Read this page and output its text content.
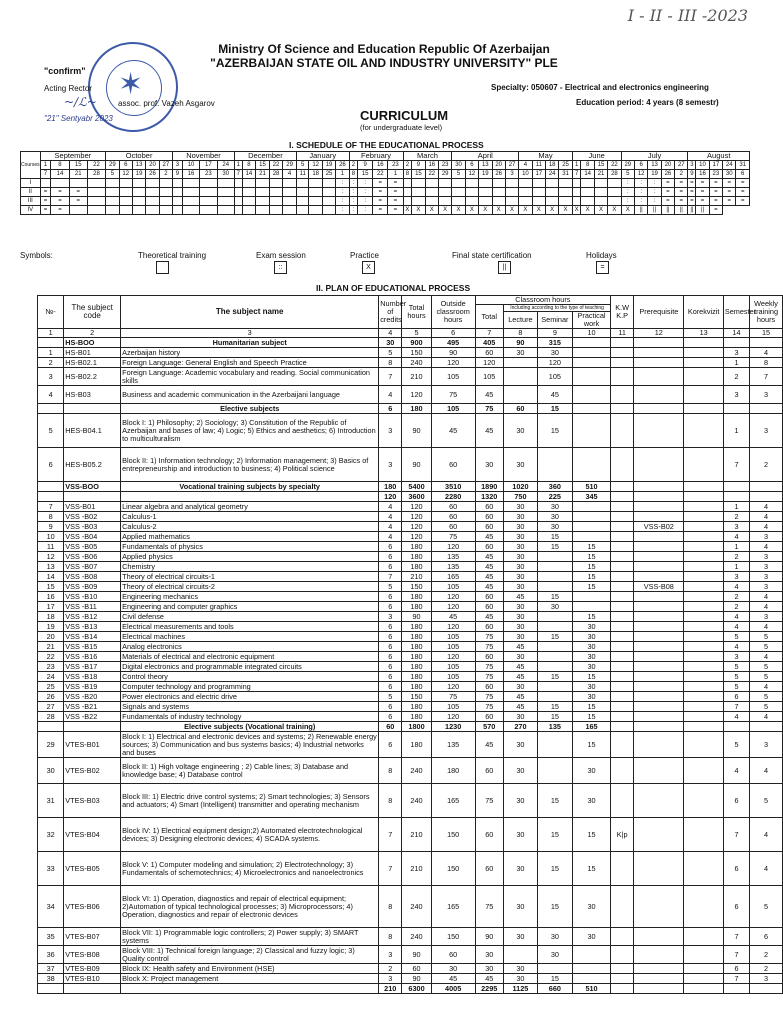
I - II - III -2023
✶
Ministry Of Science and Education Republic Of Azerbaijan
"AZERBAIJAN STATE OIL AND INDUSTRY UNIVERSITY" PLE
"confirm"
Acting Rector
~∕ℒ~	assoc. prof. Vazeh Asgarov
"21" Sentyabr 2023
Specialty: 050607 - Electrical and electronics engineering
Education period: 4 years (8 semestr)
CURRICULUM
(for undergraduate level)
I. SCHEDULE OF THE EDUCATIONAL PROCESS
Courses	September				October					November				December					January				February				March				April					May				June				July					August				
	1	8	15	22	29	6	13	20	27	3	10	17	24	1	8	15	22	29	5	12	19	26	2	9	16	23	2	9	16	23	30	6	13	20	27	4	11	18	25	1	8	15	22	29	6	13	20	27	3	10	17	24	31
	7	14	21	28	5	12	19	26	2	9	16	23	30	7	14	21	28	4	11	18	25	1	8	15	22	1	8	15	22	29	5	12	19	26	3	10	17	24	31	7	14	21	28	5	12	19	26	2	9	16	23	30	6
I																						:	:	:	=	=																		:	:	:	=	=	=	=	=	=	=
II	=	=	=																			:	:	:	=	=																		:	:	:	=	=	=	=	=	=	=
III	=	=	=																			:	:	:	=	=																		:	:	:	=	=	=	=	=	=	=
IV	=	=																				:	:	:	=	=	X	X	X	X	X	X	X	X	X	X	X	X	X	X	X	X	X	X	||	||	||	||	||	||	=		
Symbols:	Theoretical training	Exam session
::
Practice
X
Final state certification
||
Holidays
=
II. PLAN OF EDUCATIONAL PROCESS
№-	The subject code	The subject name	Number of credits	Total hours	Outside classroom hours	Classroom hours				K.W K.P	Prerequisite	Korekvizit	Semester	Weekly training hours
						Total	Including according to the type of teaching							
							Lecture	Seminar	Practical work					
1	2	3	4	5	6	7	8	9	10	11	12	13	14	15
	HS-BOO	Humanitarian subject	30	900	495	405	90	315						
1	HS-B01	Azerbaijan history	5	150	90	60	30	30					3	4
2	HS-B02.1	Foreign Language: General English and Speech Practice	8	240	120	120		120					1	8
3	HS-B02.2	Foreign Language: Academic vocabulary and reading. Social communication skills	7	210	105	105		105					2	7
4	HS-B03	Business and academic communication in the Azerbaijani language	4	120	75	45		45					3	3
		Elective subjects	6	180	105	75	60	15						
5	HES-B04.1	Block I: 1) Philosophy; 2) Sociology; 3) Constitution of the Republic of Azerbaijan and bases of law; 4) Logic; 5) Ethics and aesthetics; 6) Introduction to multiculturalism	3	90	45	45	30	15					1	3
6	HES-B05.2	Block II: 1) Information technology; 2) Information management; 3) Basics of entrepreneurship and introduction to business; 4) Political science	3	90	60	30	30						7	2
	VSS-BOO	Vocational training subjects by specialty	180	5400	3510	1890	1020	360	510					
			120	3600	2280	1320	750	225	345					
7	VSS-B01	Linear algebra and analytical geometry	4	120	60	60	30	30					1	4
8	VSS -B02	Calculus-1	4	120	60	60	30	30					2	4
9	VSS -B03	Calculus-2	4	120	60	60	30	30			VSS-B02		3	4
10	VSS -B04	Applied mathematics	4	120	75	45	30	15					4	3
11	VSS -B05	Fundamentals of physics	6	180	120	60	30	15	15				1	4
12	VSS -B06	Applied physics	6	180	135	45	30		15				2	3
13	VSS -B07	Chemistry	6	180	135	45	30		15				1	3
14	VSS -B08	Theory of electrical circuits-1	7	210	165	45	30		15				3	3
15	VSS -B09	Theory of electrical circuits-2	5	150	105	45	30		15		VSS-B08		4	3
16	VSS -B10	Engineering mechanics	6	180	120	60	45	15					2	4
17	VSS -B11	Engineering and computer graphics	6	180	120	60	30	30					2	4
18	VSS -B12	Civil defense	3	90	45	45	30		15				4	3
19	VSS -B13	Electrical measurements and tools	6	180	120	60	30		30				4	4
20	VSS -B14	Electrical machines	6	180	105	75	30	15	30				5	5
21	VSS -B15	Analog electronics	6	180	105	75	45		30				4	5
22	VSS -B16	Materials of electrical and electronic equipment	6	180	120	60	30		30				3	4
23	VSS -B17	Digital electronics and programmable integrated circuits	6	180	105	75	45		30				5	5
24	VSS -B18	Control theory	6	180	105	75	45	15	15				5	5
25	VSS -B19	Computer technology and programming	6	180	120	60	30		30				5	4
26	VSS -B20	Power electronics and electric drive	5	150	75	75	45		30				6	5
27	VSS -B21	Signals and systems	6	180	105	75	45	15	15				7	5
28	VSS -B22	Fundamentals of industry technology	6	180	120	60	30	15	15				4	4
		Elective subjects (Vocational training)	60	1800	1230	570	270	135	165					
29	VTES-B01	Block I: 1) Electrical and electronic devices and systems; 2) Renewable energy sources; 3) Communication and bus systems basics; 4) Industrial networks and buses	6	180	135	45	30		15				5	3
30	VTES-B02	Block II: 1) High voltage engineering ; 2) Cable lines; 3) Database and knowledge base; 4) Database control	8	240	180	60	30		30				4	4
31	VTES-B03	Block III: 1) Electric drive control systems; 2) Smart technologies; 3) Sensors and actuators; 4) Smart (Intelligent) transmitter and operating mechanism	8	240	165	75	30	15	30				6	5
32	VTES-B04	Block IV: 1) Electrical equipment design;2) Automated electrotechnological devices; 3) Designing electronic devices; 4) SCADA systems.	7	210	150	60	30	15	15	K|p			7	4
33	VTES-B05	Block V: 1) Computer modeling and simulation; 2) Electrotechnology; 3) Fundamentals of schemotechnics; 4) Microelectronics and nanoelectronics	7	210	150	60	30	15	15				6	4
34	VTES-B06	Block VI: 1) Operation, diagnostics and repair of electrical equipment; 2)Automation of typical technological processes; 3) Microprocessors; 4) Operation, diagnostics and repair of electronic devices	8	240	165	75	30	15	30				6	5
35	VTES-B07	Block VII: 1) Programmable logic controllers; 2) Power supply; 3) SMART systems	8	240	150	90	30	30	30				7	6
36	VTES-B08	Block VIII: 1) Technical foreign language; 2) Classical and fuzzy logic; 3) Quality control	3	90	60	30		30					7	2
37	VTES-B09	Block IX: Health safety and Environment (HSE)	2	60	30	30	30						6	2
38	VTES-B10	Block X: Project management	3	90	45	45	30	15					7	3
			210	6300	4005	2295	1125	660	510					
